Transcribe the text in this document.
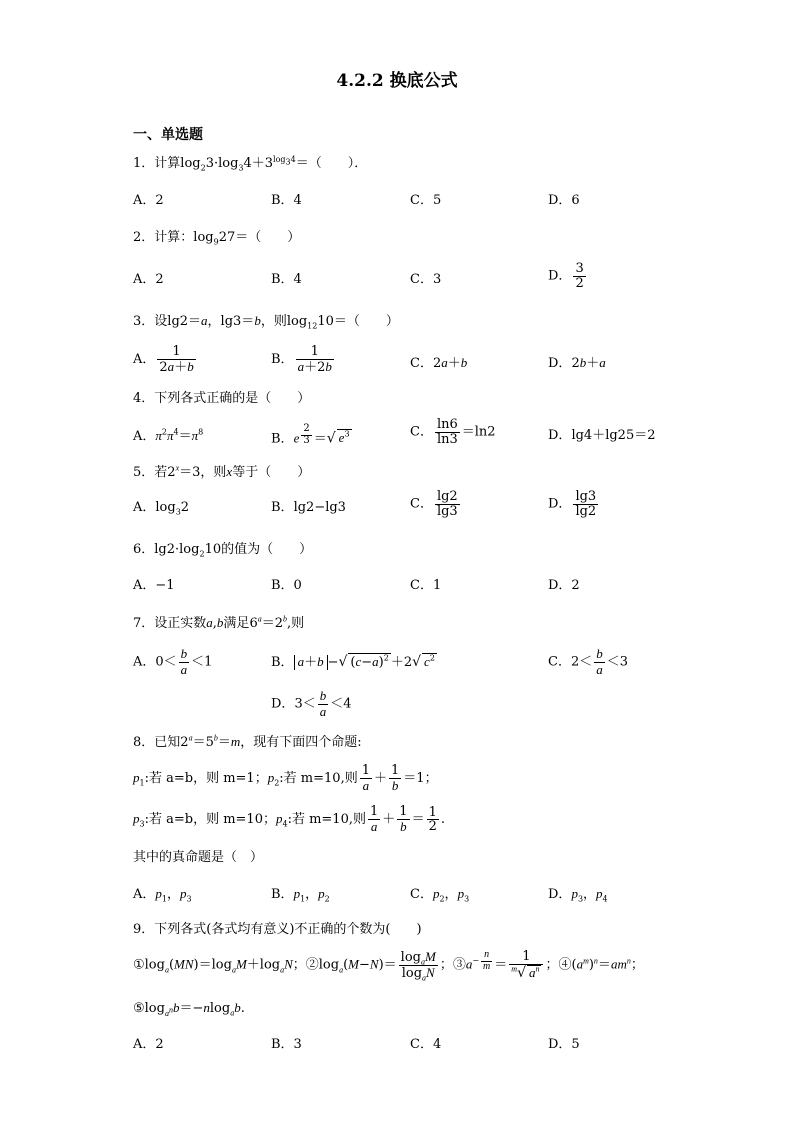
4.2.2 换底公式
一、单选题
1．计算$\log_23\cdot\log_34+3^{log_34}=$（　　）．
A．2	B．4	C．5	D．6
2．计算：$\log_927=$（　　）
A．2	B．4	C．3	D． $\frac{3}{2}$
3．设lg2＝a，lg3＝b，则$\log_{12}10=$（　　）
A． $\frac{1}{2a+b}$	B． $\frac{1}{a+2b}$	C．2a＋b	D．2b＋a
4．下列各式正确的是（　　）
A．$\pi^2\pi^4=\pi^8$	B．e $^{\frac{2}{3}}$ ＝√ $e^3$	C． $\frac{\ln 6}{\ln 3} =\ln 2$	D．lg4＋lg25＝2
5．若$2^x=3$，则x等于（　　）
A．$\log_32$	B．lg2−lg3	C． $\frac{\lg 2}{\lg 3}$	D． $\frac{\lg 3}{\lg 2}$
6．$\lg 2\cdot\log_210$的值为（　　）
A．−1	B．0	C．1	D．2
7．设正实数a,b满足$6^a=2^b$,则
A．$0< \frac{b}{a} <1$	B． a＋b −√ $(c-a)^2 +2√$ $c^2$	C．$2< \frac{b}{a} <3$
D．$3< \frac{b}{a} <4$
8．已知$2^a=5^b=m$，现有下面四个命题:
$p_1$:若 a=b，则 m=1；$p_2$:若 m=10,则 $\frac{1}{a} + \frac{1}{b} =1$；
$p_3$:若 a=b，则 m=10；$p_4$:若 m=10,则 $\frac{1}{a} + \frac{1}{b} = \frac{1}{2}$ .
其中的真命题是（　）
A．$p_1$，$p_3$	B．$p_1$，$p_2$	C．$p_2$，$p_3$	D．$p_3$，$p_4$
9．下列各式(各式均有意义)不正确的个数为(　　)
$①\log_a(MN)=\log_aM+\log_aN$；$②\log_a(M-N)= \frac{\log_aM}{\log_aN}$ ；$③a^{- \frac{n}{m}} = \frac{1}{^m√ a^n}$ ；$④(a^m)^n=am^n$；
$⑤\log_{a^n}b=-nlog_ab$.
A．2	B．3	C．4	D．5
